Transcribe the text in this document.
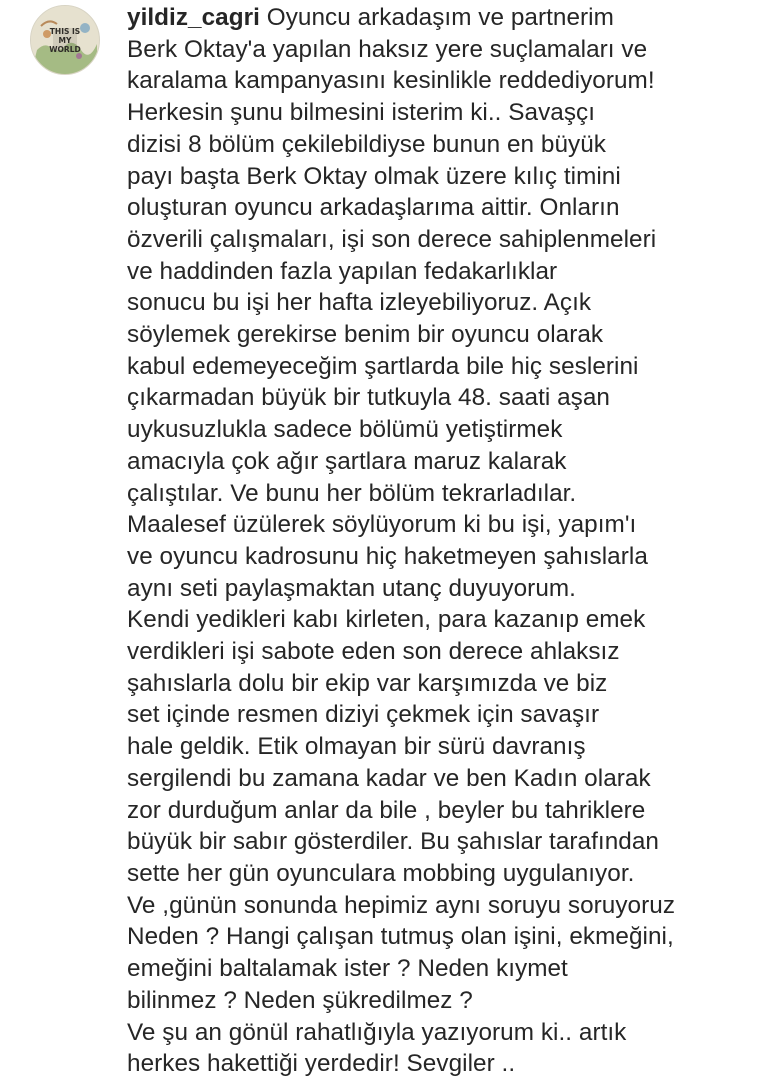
THIS IS
MY
WORLD
yildiz_cagri Oyuncu arkadaşım ve partnerim
Berk Oktay'a yapılan haksız yere suçlamaları ve
karalama kampanyasını kesinlikle reddediyorum!
Herkesin şunu bilmesini isterim ki.. Savaşçı
dizisi 8 bölüm çekilebildiyse bunun en büyük
payı başta Berk Oktay olmak üzere kılıç timini
oluşturan oyuncu arkadaşlarıma aittir. Onların
özverili çalışmaları, işi son derece sahiplenmeleri
ve haddinden fazla yapılan fedakarlıklar
sonucu bu işi her hafta izleyebiliyoruz. Açık
söylemek gerekirse benim bir oyuncu olarak
kabul edemeyeceğim şartlarda bile hiç seslerini
çıkarmadan büyük bir tutkuyla 48. saati aşan
uykusuzlukla sadece bölümü yetiştirmek
amacıyla çok ağır şartlara maruz kalarak
çalıştılar. Ve bunu her bölüm tekrarladılar.
Maalesef üzülerek söylüyorum ki bu işi, yapım'ı
ve oyuncu kadrosunu hiç haketmeyen şahıslarla
aynı seti paylaşmaktan utanç duyuyorum.
Kendi yedikleri kabı kirleten, para kazanıp emek
verdikleri işi sabote eden son derece ahlaksız
şahıslarla dolu bir ekip var karşımızda ve biz
set içinde resmen diziyi çekmek için savaşır
hale geldik. Etik olmayan bir sürü davranış
sergilendi bu zamana kadar ve ben Kadın olarak
zor durduğum anlar da bile , beyler bu tahriklere
büyük bir sabır gösterdiler. Bu şahıslar tarafından
sette her gün oyunculara mobbing uygulanıyor.
Ve ,günün sonunda hepimiz aynı soruyu soruyoruz
Neden ? Hangi çalışan tutmuş olan işini, ekmeğini,
emeğini baltalamak ister ? Neden kıymet
bilinmez ? Neden şükredilmez ?
Ve şu an gönül rahatlığıyla yazıyorum ki.. artık
herkes hakettiği yerdedir! Sevgiler ..
